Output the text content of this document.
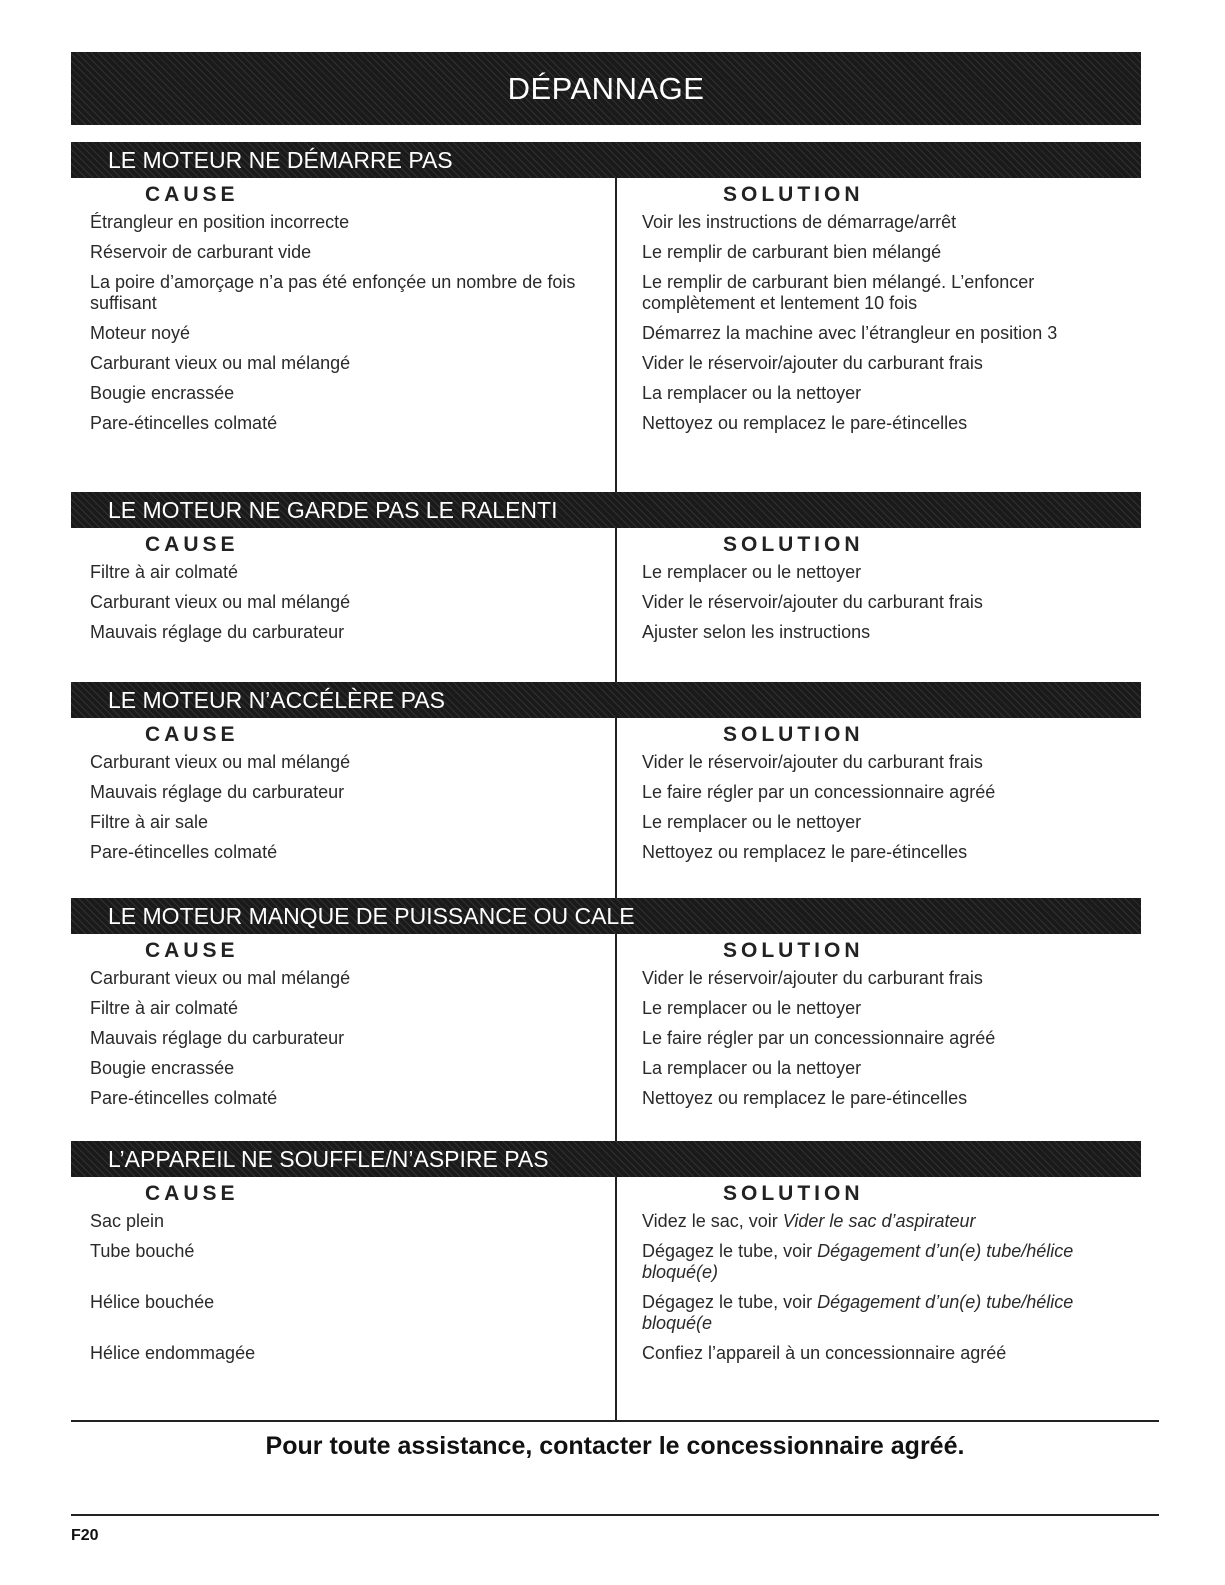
DÉPANNAGE
LE MOTEUR NE DÉMARRE PAS
CAUSE
Étrangleur en position incorrecte
Réservoir de carburant vide
La poire d’amorçage n’a pas été enfonçée un nombre de fois suffisant
Moteur noyé
Carburant vieux ou mal mélangé
Bougie encrassée
Pare-étincelles colmaté
SOLUTION
Voir les instructions de démarrage/arrêt
Le remplir de carburant bien mélangé
Le remplir de carburant bien mélangé. L’enfoncer complètement et lentement 10 fois
Démarrez la machine avec l’étrangleur en position 3
Vider le réservoir/ajouter du carburant frais
La remplacer ou la nettoyer
Nettoyez ou remplacez le pare-étincelles
LE MOTEUR NE GARDE PAS LE RALENTI
CAUSE
Filtre à air colmaté
Carburant vieux ou mal mélangé
Mauvais réglage du carburateur
SOLUTION
Le remplacer ou le nettoyer
Vider le réservoir/ajouter du carburant frais
Ajuster selon les instructions
LE MOTEUR N’ACCÉLÈRE PAS
CAUSE
Carburant vieux ou mal mélangé
Mauvais réglage du carburateur
Filtre à air sale
Pare-étincelles colmaté
SOLUTION
Vider le réservoir/ajouter du carburant frais
Le faire régler par un concessionnaire agréé
Le remplacer ou le nettoyer
Nettoyez ou remplacez le pare-étincelles
LE MOTEUR MANQUE DE PUISSANCE OU CALE
CAUSE
Carburant vieux ou mal mélangé
Filtre à air colmaté
Mauvais réglage du carburateur
Bougie encrassée
Pare-étincelles colmaté
SOLUTION
Vider le réservoir/ajouter du carburant frais
Le remplacer ou le nettoyer
Le faire régler par un concessionnaire agréé
La remplacer ou la nettoyer
Nettoyez ou remplacez le pare-étincelles
L’APPAREIL NE SOUFFLE/N’ASPIRE PAS
CAUSE
Sac plein
Tube bouché
Hélice bouchée
Hélice endommagée
SOLUTION
Videz le sac, voir Vider le sac d’aspirateur
Dégagez le tube, voir Dégagement d’un(e) tube/hélice bloqué(e)
Dégagez le tube, voir Dégagement d’un(e) tube/hélice bloqué(e
Confiez l’appareil à un concessionnaire agréé
Pour toute assistance, contacter le concessionnaire agréé.
F20
